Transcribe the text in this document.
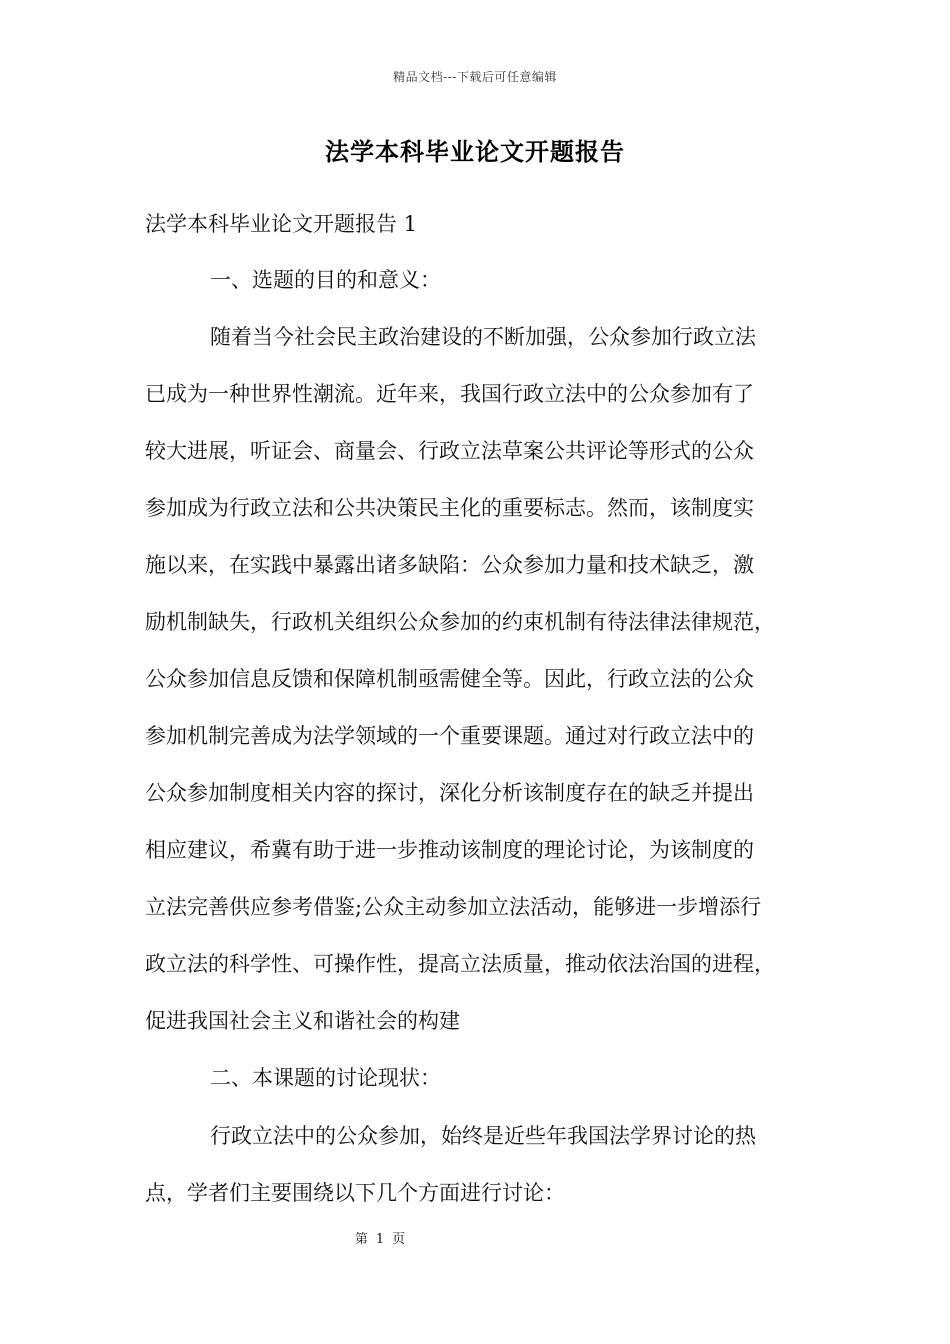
精品文档---下载后可任意编辑
法学本科毕业论文开题报告
法学本科毕业论文开题报告 1
一、选题的目的和意义：
随着当今社会民主政治建设的不断加强，公众参加行政立法
已成为一种世界性潮流。近年来，我国行政立法中的公众参加有了
较大进展，听证会、商量会、行政立法草案公共评论等形式的公众
参加成为行政立法和公共决策民主化的重要标志。然而，该制度实
施以来，在实践中暴露出诸多缺陷：公众参加力量和技术缺乏，激
励机制缺失，行政机关组织公众参加的约束机制有待法律法律规范，
公众参加信息反馈和保障机制亟需健全等。因此，行政立法的公众
参加机制完善成为法学领域的一个重要课题。通过对行政立法中的
公众参加制度相关内容的探讨，深化分析该制度存在的缺乏并提出
相应建议，希冀有助于进一步推动该制度的理论讨论，为该制度的
立法完善供应参考借鉴;公众主动参加立法活动，能够进一步增添行
政立法的科学性、可操作性，提高立法质量，推动依法治国的进程，
促进我国社会主义和谐社会的构建
二、本课题的讨论现状：
行政立法中的公众参加，始终是近些年我国法学界讨论的热
点，学者们主要围绕以下几个方面进行讨论：
第 1 页
